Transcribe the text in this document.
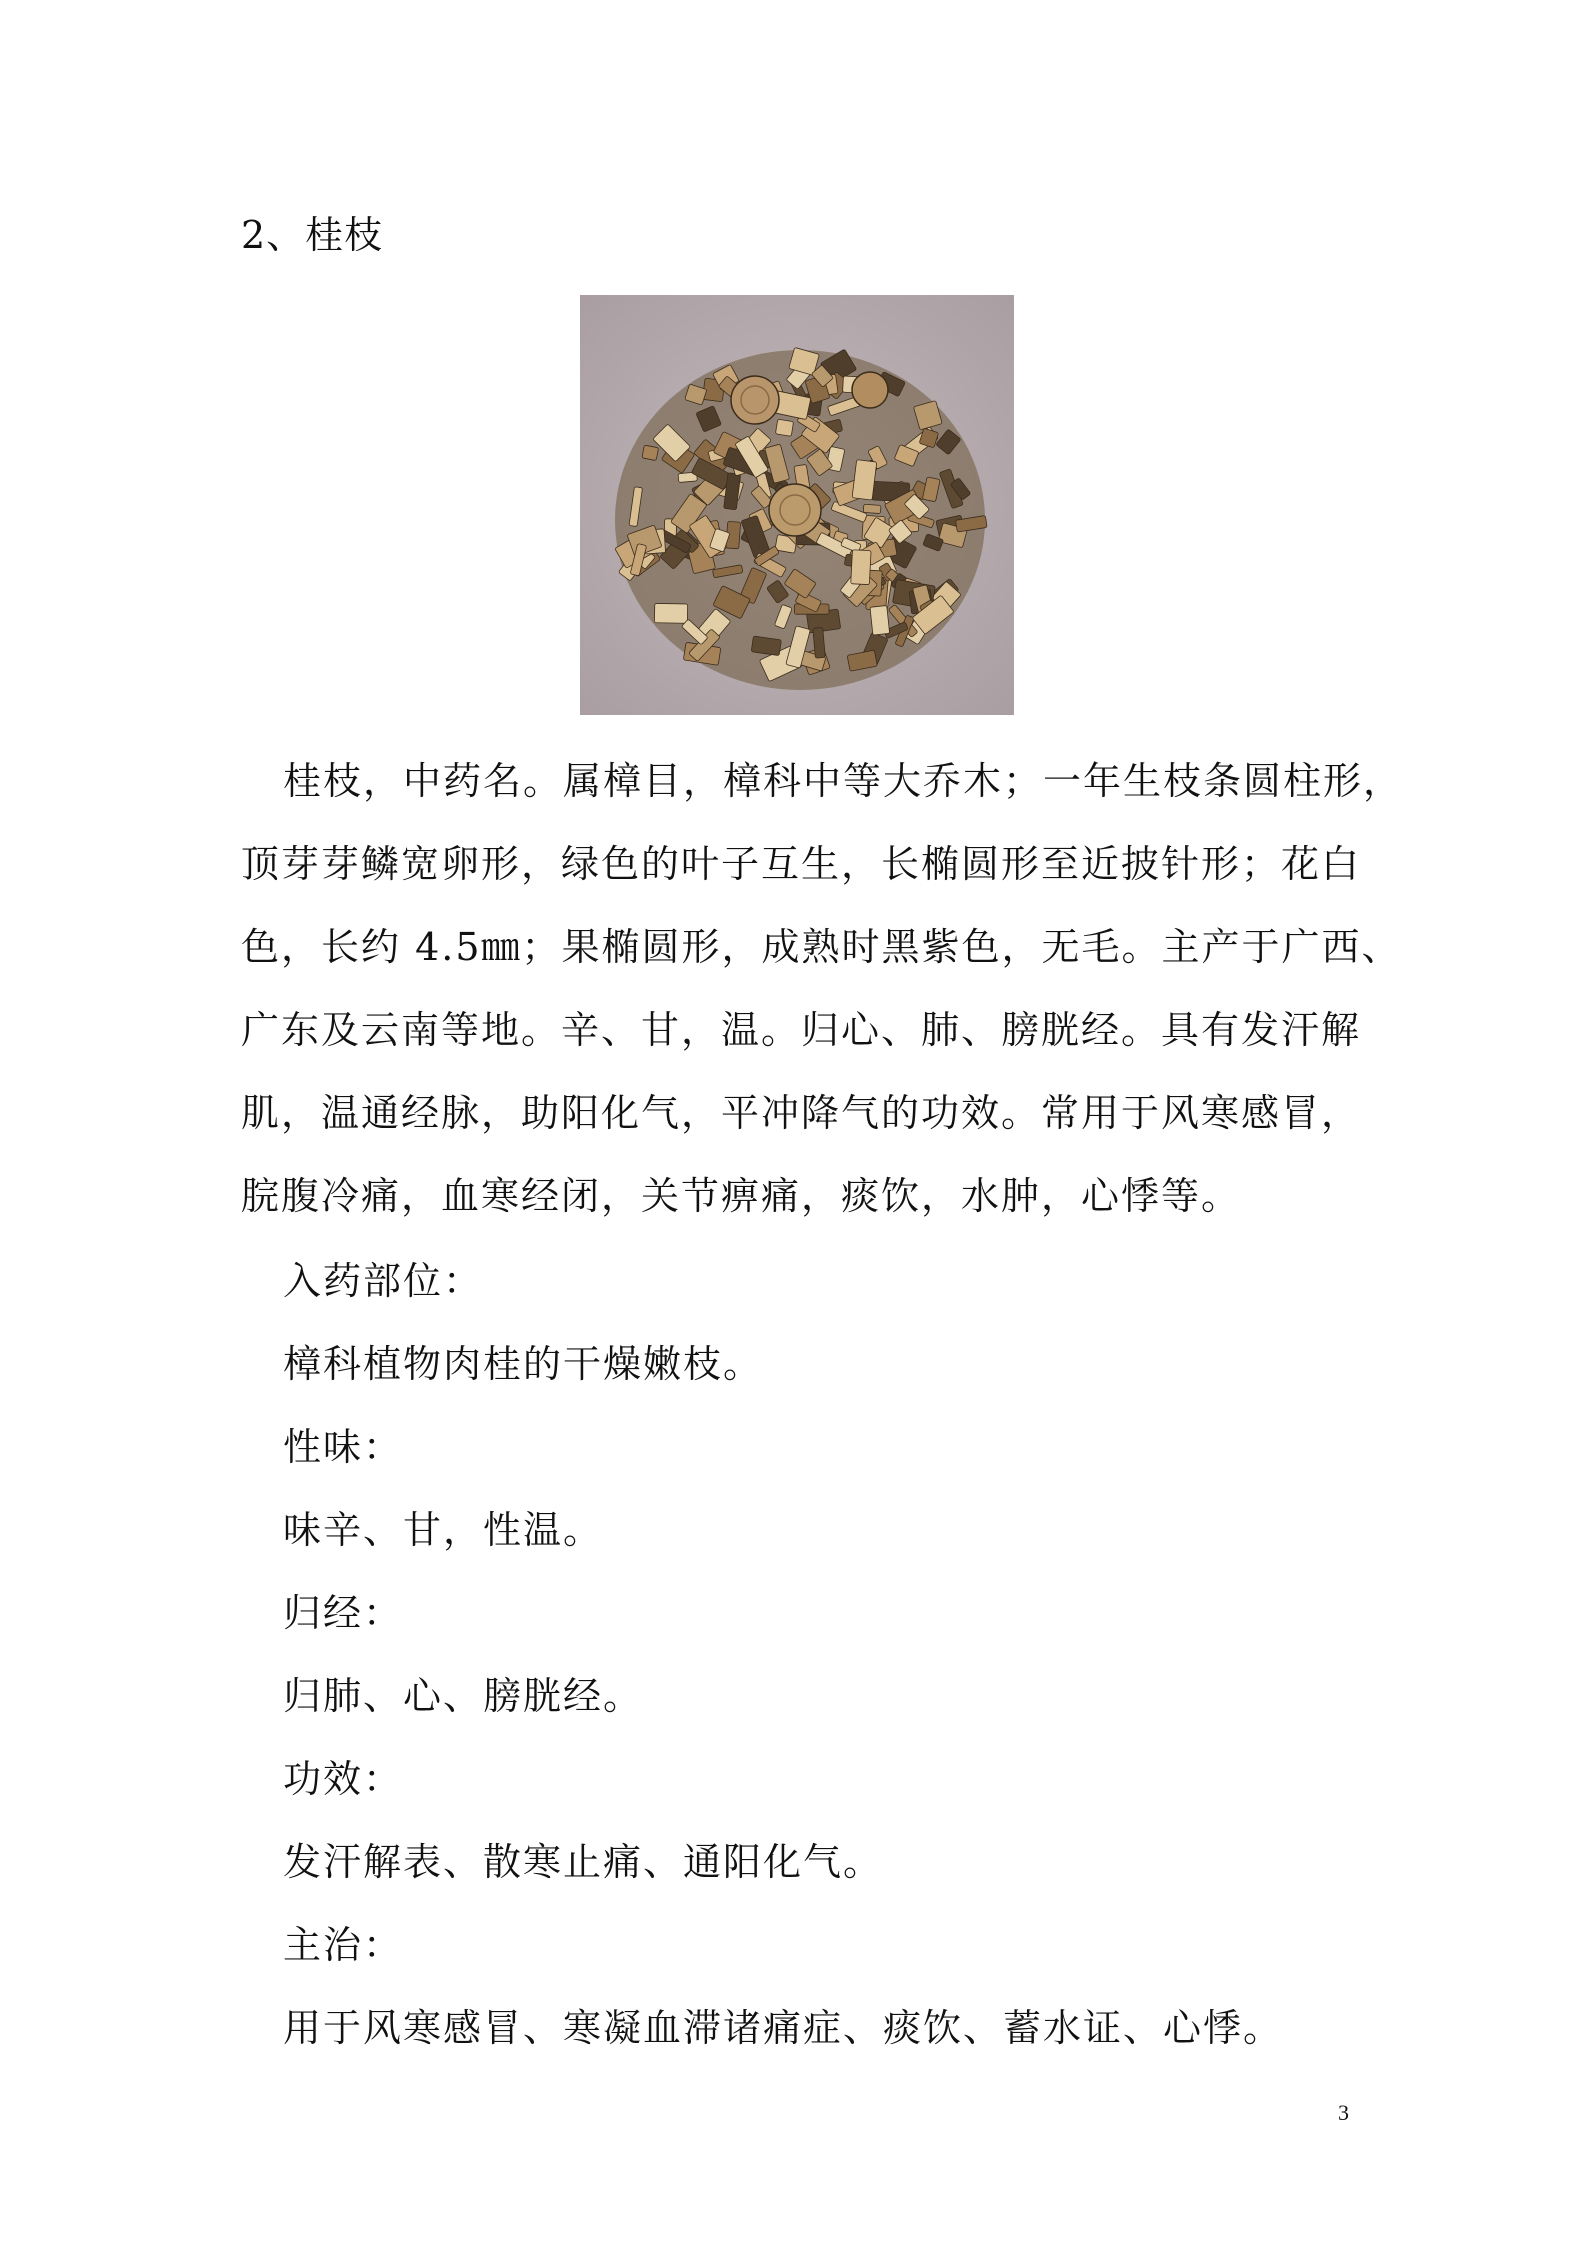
2、桂枝
桂枝，中药名。属樟目，樟科中等大乔木；一年生枝条圆柱形，
顶芽芽鳞宽卵形，绿色的叶子互生，长椭圆形至近披针形；花白
色，长约 4.5㎜；果椭圆形，成熟时黑紫色，无毛。主产于广西、
广东及云南等地。辛、甘，温。归心、肺、膀胱经。具有发汗解
肌，温通经脉，助阳化气，平冲降气的功效。常用于风寒感冒，
脘腹冷痛，血寒经闭，关节痹痛，痰饮，水肿，心悸等。
入药部位：
樟科植物肉桂的干燥嫩枝。
性味：
味辛、甘，性温。
归经：
归肺、心、膀胱经。
功效：
发汗解表、散寒止痛、通阳化气。
主治：
用于风寒感冒、寒凝血滞诸痛症、痰饮、蓄水证、心悸。
3
